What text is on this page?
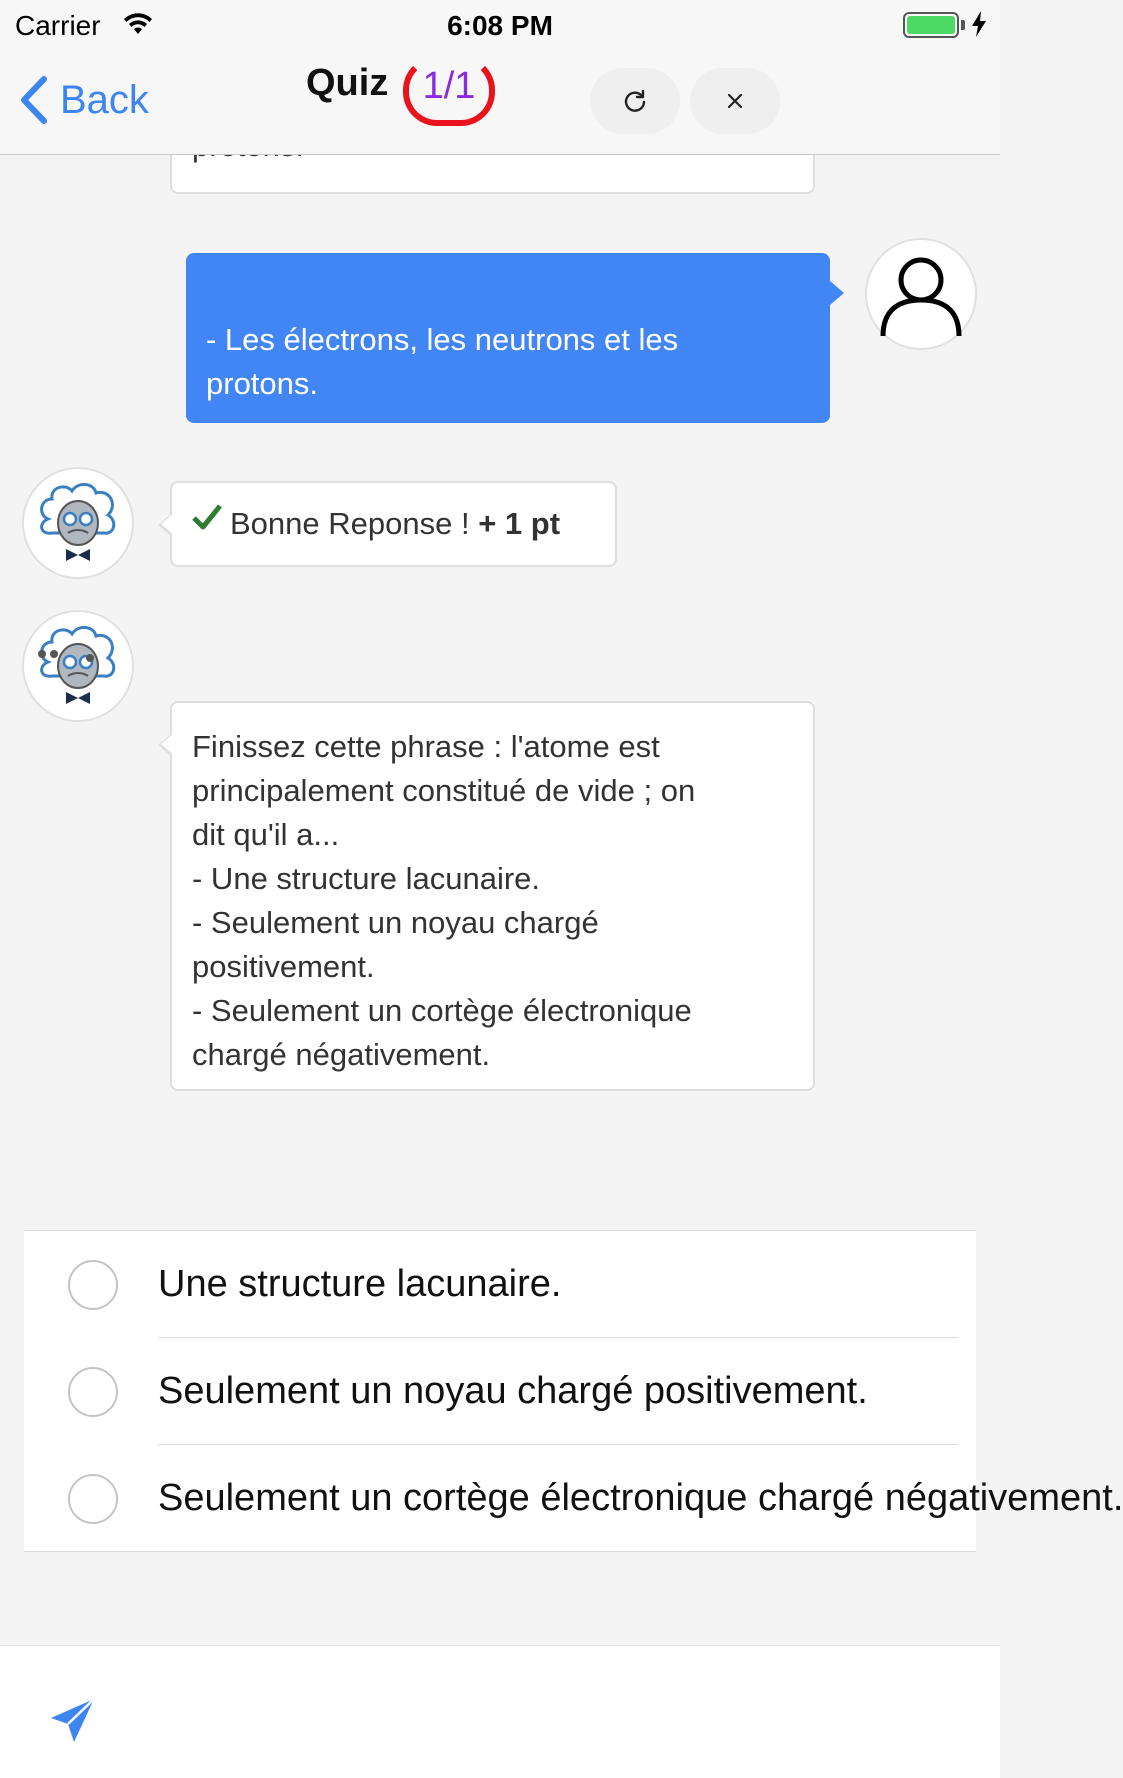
Carrier	6:08 PM
Back	Quiz 1/1
- Les électrons, les neutrons et les
protons.
Bonne Reponse ! + 1 pt
Finissez cette phrase : l'atome est
principalement constitué de vide ; on
dit qu'il a...
- Une structure lacunaire.
- Seulement un noyau chargé
positivement.
- Seulement un cortège électronique
chargé négativement.
Une structure lacunaire.
Seulement un noyau chargé positivement.
Seulement un cortège électronique chargé négativement.
